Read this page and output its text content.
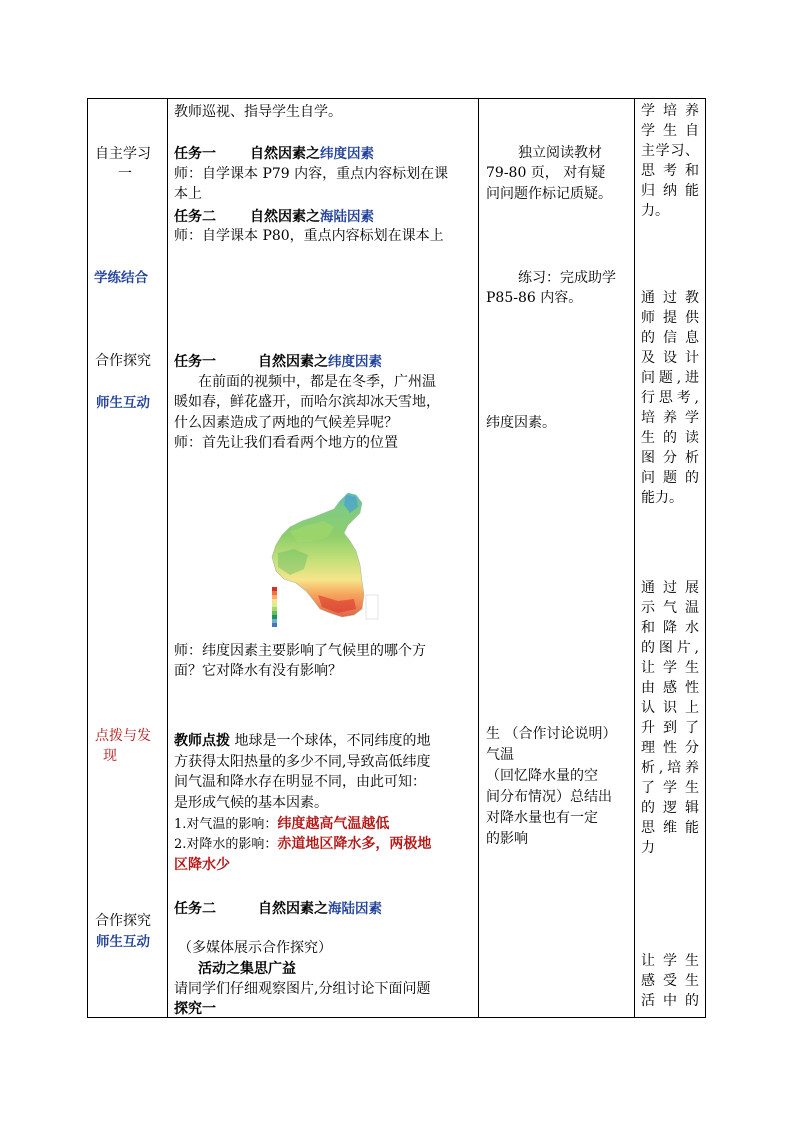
自主学习
一
学练结合
合作探究
师生互动
点拨与发
现
合作探究
师生互动
教师巡视、指导学生自学。
任务一 自然因素之纬度因素
师：自学课本 P79 内容，重点内容标划在课
本上
任务二 自然因素之海陆因素
师：自学课本 P80，重点内容标划在课本上
任务一	自然因素之纬度因素
在前面的视频中，都是在冬季，广州温
暖如春，鲜花盛开，而哈尔滨却冰天雪地，
什么因素造成了两地的气候差异呢？
师：首先让我们看看两个地方的位置
师：纬度因素主要影响了气候里的哪个方
面？它对降水有没有影响？
教师点拨 地球是一个球体，不同纬度的地
方获得太阳热量的多少不同,导致高低纬度
间气温和降水存在明显不同，由此可知：
是形成气候的基本因素。
1.对气温的影响：纬度越高气温越低
2.对降水的影响：赤道地区降水多，两极地
区降水少
任务二	自然因素之海陆因素
（多媒体展示合作探究）
活动之集思广益
请同学们仔细观察图片,分组讨论下面问题
探究一
独立阅读教材
79-80 页， 对有疑
问问题作标记质疑。
练习：完成助学
P85-86 内容。
纬度因素。
生 （合作讨论说明）
气温
（回忆降水量的空
间分布情况）总结出
对降水量也有一定
的影响
学培养
学生自
主学习、
思考和
归纳能
力。
通过教
师提供
的信息
及设计
问题,进
行思考,
培养学
生的读
图分析
问题的
能力。
通过展
示气温
和降水
的图片,
让学生
由感性
认识上
升到了
理性分
析,培养
了学生
的逻辑
思维能
力
让学生
感受生
活中的
